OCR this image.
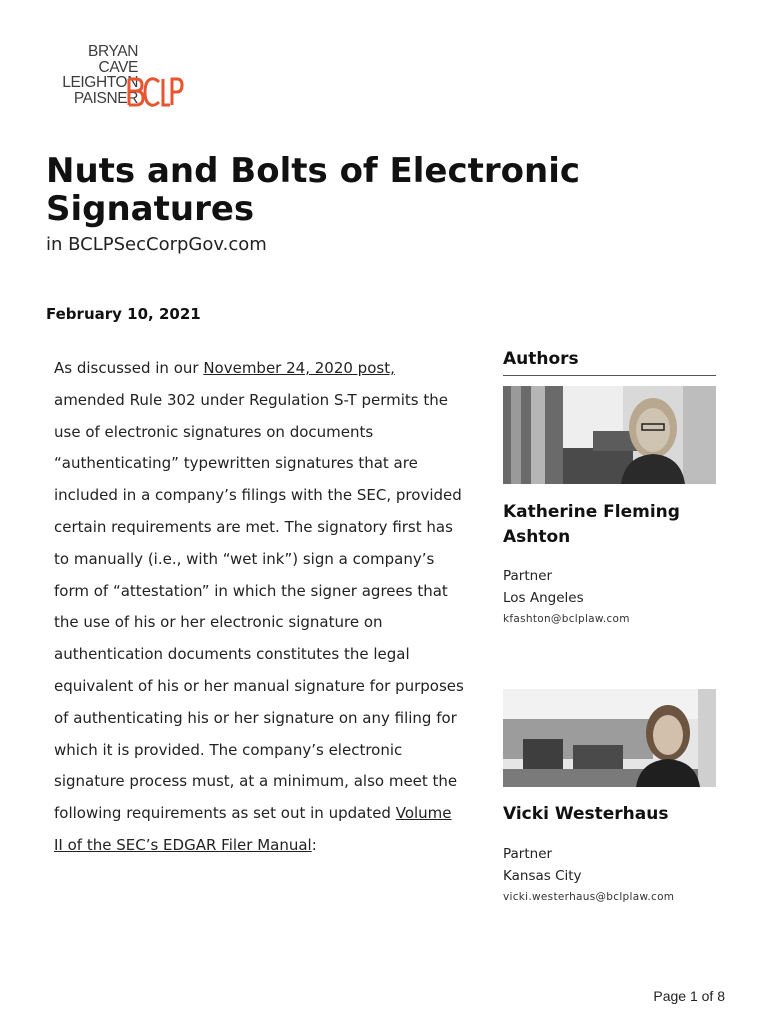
BRYAN
CAVE
LEIGHTON
PAISNER
Nuts and Bolts of Electronic Signatures
in BCLPSecCorpGov.com
February 10, 2021
As discussed in our November 24, 2020 post, amended Rule 302 under Regulation S-T permits the use of electronic signatures on documents “authenticating” typewritten signatures that are included in a company’s filings with the SEC, provided certain requirements are met. The signatory first has to manually (i.e., with “wet ink”) sign a company’s form of “attestation” in which the signer agrees that the use of his or her electronic signature on authentication documents constitutes the legal equivalent of his or her manual signature for purposes of authenticating his or her signature on any filing for which it is provided. The company’s electronic signature process must, at a minimum, also meet the following requirements as set out in updated Volume II of the SEC’s EDGAR Filer Manual:
Authors
Katherine Fleming Ashton
Partner
Los Angeles
kfashton@bclplaw.com
Vicki Westerhaus
Partner
Kansas City
vicki.westerhaus@bclplaw.com
Page 1 of 8
